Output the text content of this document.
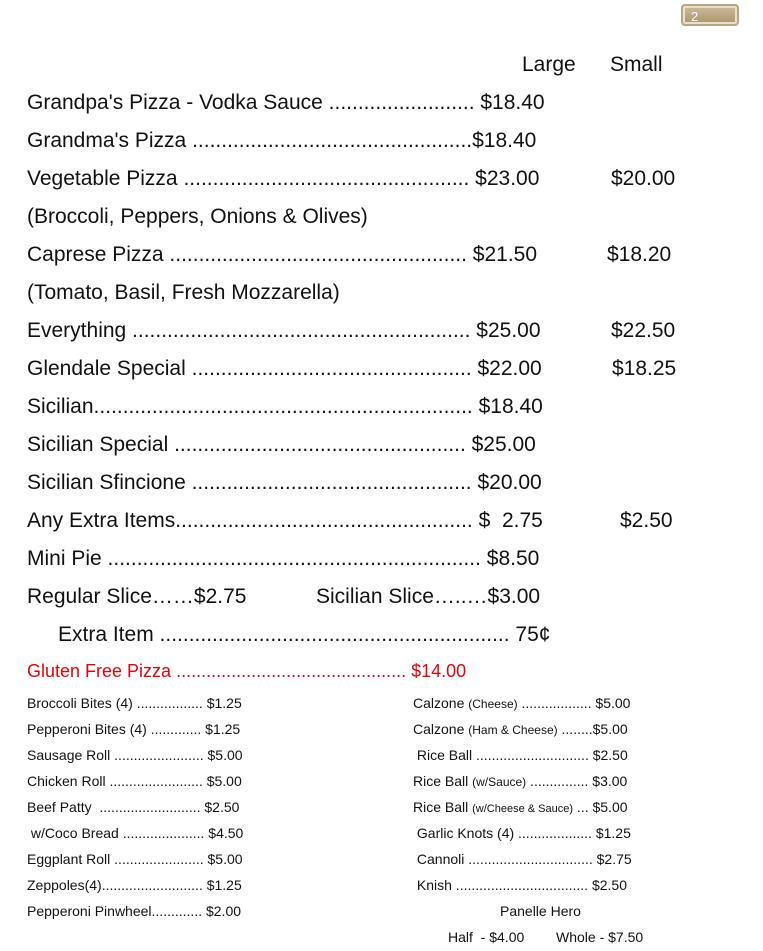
2
Large Small
Grandpa's Pizza - Vodka Sauce ......................... $18.40
Grandma's Pizza ................................................$18.40
Vegetable Pizza ................................................. $23.00	$20.00
(Broccoli, Peppers, Onions & Olives)
Caprese Pizza ................................................... $21.50	$18.20
(Tomato, Basil, Fresh Mozzarella)
Everything .......................................................... $25.00	$22.50
Glendale Special ................................................ $22.00	$18.25
Sicilian................................................................. $18.40
Sicilian Special .................................................. $25.00
Sicilian Sfincione ................................................ $20.00
Any Extra Items................................................... $  2.75	$2.50
Mini Pie ................................................................ $8.50
Regular Slice……$2.75	Sicilian Slice…..…$3.00
Extra Item ............................................................ 75¢
Gluten Free Pizza .............................................. $14.00
Broccoli Bites (4) ................. $1.25
Pepperoni Bites (4) ............. $1.25
Sausage Roll ....................... $5.00
Chicken Roll ........................ $5.00
Beef Patty  .......................... $2.50
w/Coco Bread ..................... $4.50
Eggplant Roll ....................... $5.00
Zeppoles(4).......................... $1.25
Pepperoni Pinwheel............. $2.00
Calzone (Cheese) .................. $5.00
Calzone (Ham & Cheese) ........$5.00
Rice Ball ............................. $2.50
Rice Ball (w/Sauce) ............... $3.00
Rice Ball (w/Cheese & Sauce) ... $5.00
Garlic Knots (4) ................... $1.25
Cannoli ................................ $2.75
Knish .................................. $2.50
Panelle Hero
Half  - $4.00 Whole - $7.50
